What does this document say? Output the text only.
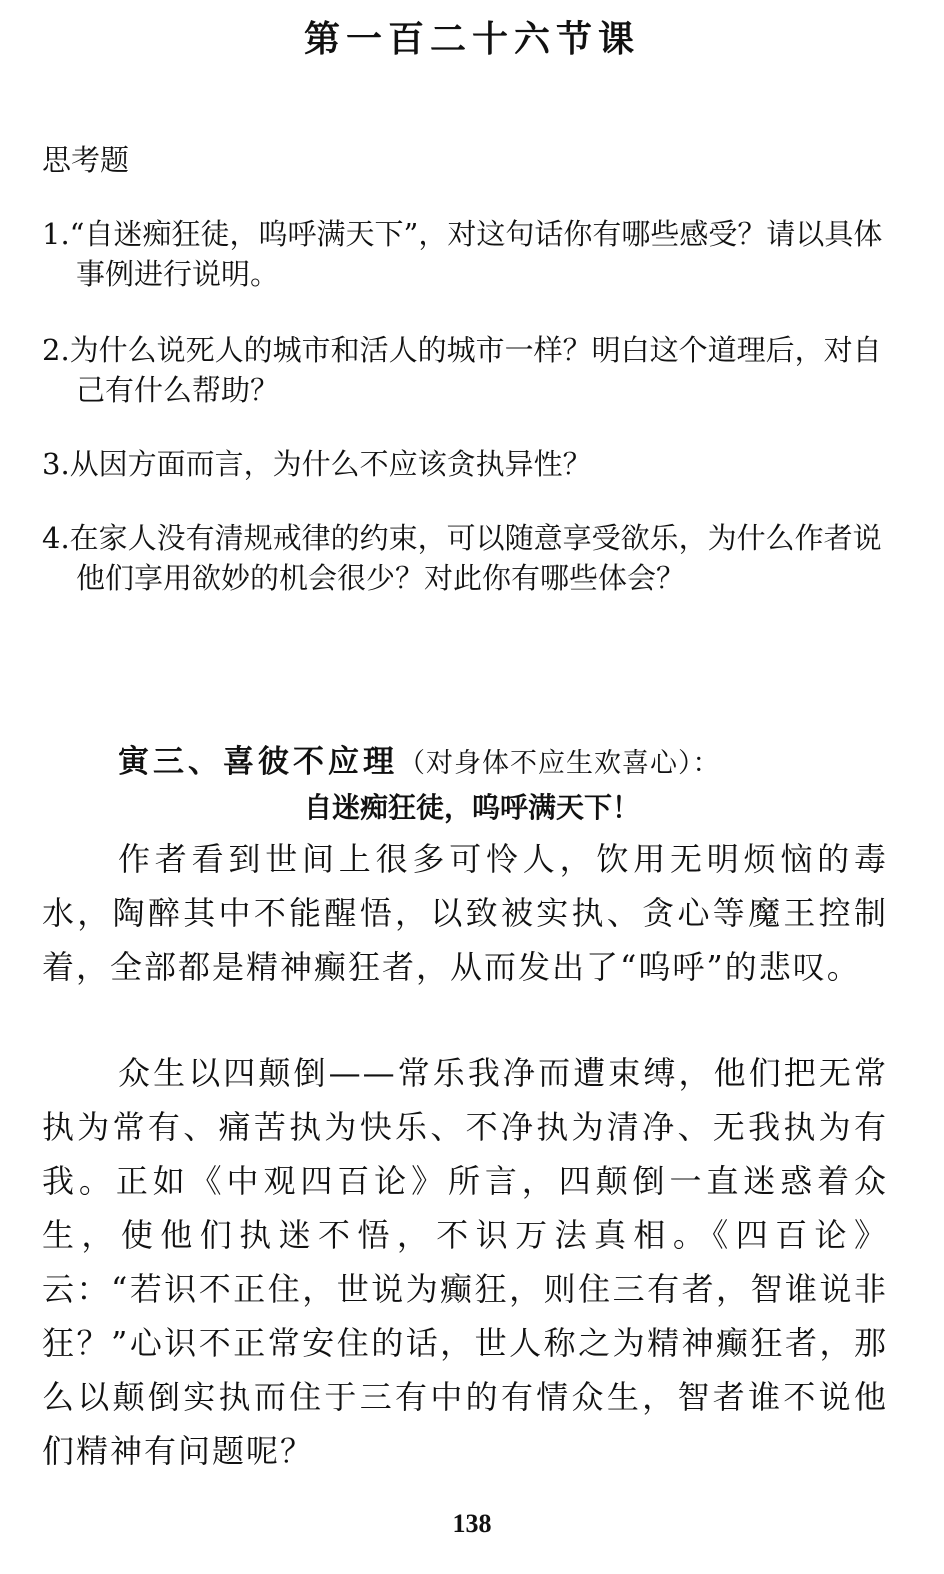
第一百二十六节课
思考题
1.“自迷痴狂徒，呜呼满天下”，对这句话你有哪些感受？请以具体事例进行说明。
2.为什么说死人的城市和活人的城市一样？明白这个道理后，对自己有什么帮助？
3.从因方面而言，为什么不应该贪执异性？
4.在家人没有清规戒律的约束，可以随意享受欲乐，为什么作者说他们享用欲妙的机会很少？对此你有哪些体会？
寅三、喜彼不应理（对身体不应生欢喜心）：
自迷痴狂徒，呜呼满天下！
作者看到世间上很多可怜人，饮用无明烦恼的毒水，陶醉其中不能醒悟，以致被实执、贪心等魔王控制着，全部都是精神癫狂者，从而发出了“呜呼”的悲叹。
众生以四颠倒——常乐我净而遭束缚，他们把无常执为常有、痛苦执为快乐、不净执为清净、无我执为有我。正如《中观四百论》所言，四颠倒一直迷惑着众生，使他们执迷不悟，不识万法真相。《四百论》云：“若识不正住，世说为癫狂，则住三有者，智谁说非狂？”心识不正常安住的话，世人称之为精神癫狂者，那么以颠倒实执而住于三有中的有情众生，智者谁不说他们精神有问题呢？
138
